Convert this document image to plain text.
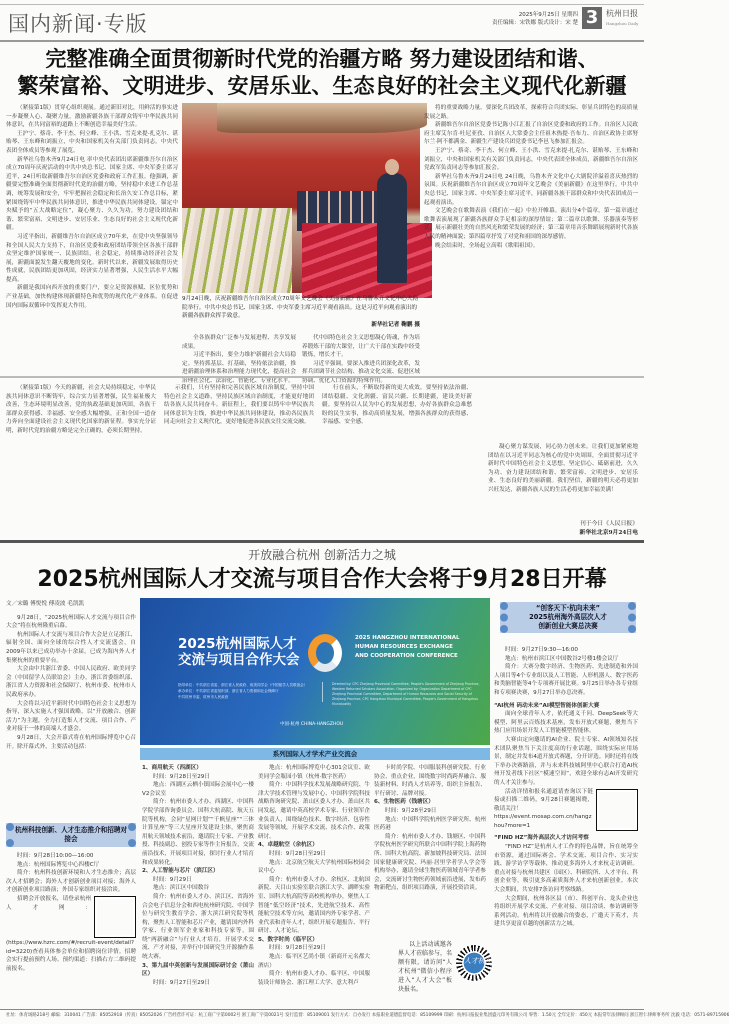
国内新闻·专版	2025年9月25日 星期四
责任编辑：宋铁娜 版式设计：宋 楚 3 杭州日报
Hangzhou Daily
完整准确全面贯彻新时代党的治疆方略 努力建设团结和谐、
繁荣富裕、文明进步、安居乐业、生态良好的社会主义现代化新疆

（紧接第1版）贯穿心组织观展。通过新旧对比，用鲜活的事实进一步凝聚人心、凝聚力量，激励新疆各族干部群众铸牢中华民族共同体意识，在共同富裕的道路上不断创造幸福美好生活。

王沪宁、蔡奇、李干杰、何立峰、王小洪、雪克来提·扎克尔、谌贻琴、王东峰和刘振立，中央和国家机关有关部门负责同志，中央代表团全体成员等参观了展览。

新华社乌鲁木齐9月24日电 率中央代表团出席新疆维吾尔自治区成立70周年庆祝活动的中共中央总书记、国家主席、中央军委主席习近平，24日听取新疆维吾尔自治区党委和政府工作汇报。他强调，新疆要完整准确全面贯彻新时代党的治疆方略，坚持稳中求进工作总基调，统筹发展和安全，牢牢把握社会稳定和长治久安工作总目标，紧紧围绕铸牢中华民族共同体意识，推进中华民族共同体建设，锚定中央赋予的“五大战略定位”，凝心聚力、久久为功，努力建设团结和谐、繁荣富裕、文明进步、安居乐业、生态良好的社会主义现代化新疆。

习近平指出，新疆维吾尔自治区成立70年来，在党中央坚强领导和全国人民大力支持下，自治区党委和政府团结带领全区各族干部群众坚定维护国家统一、民族团结，社会稳定，持续推动经济社会发展，新疆面貌发生翻天覆地的变化。新时代以来，新疆发展取得历史性成就，民族团结更加巩固，经济实力显著增强，人民生活水平大幅提高。

新疆是我国向西开放的重要门户，要立足资源禀赋、区位优势和产业基础，加快构建体现新疆特色和优势的现代化产业体系，在促进国内国际双循环中发挥更大作用。

9月24日晚，庆祝新疆维吾尔自治区成立70周年文艺晚会《美丽新疆》在乌鲁木齐文化中心大剧院举行。中共中央总书记、国家主席、中央军委主席习近平观看演出。这是习近平向观看演出的新疆各族群众挥手致意。
新华社记者 鞠鹏 摄

全各族群众广泛参与发展进程、共享发展成果。

习近平指出，要全力维护新疆社会大局稳定。坚持抓基层、打基础，坚持依法治疆，推进新疆治理体系和治理能力现代化，提高社会治理社会化、法治化、智能化、专业化水平。

代中国特色社会主义思想凝心铸魂，作为培养锻炼干部的大课堂，让广大干部在实践中经受锻炼，增长才干。

习近平强调，要深入推进兵团深化改革，发挥兵团调节社会结构、推动文化交流、促进区域协调、优化人口资源的特殊作用。

将的重要战略力量。要深化兵团改革，探索符合兵团实际、彰显兵团特色的高质量发展之路。

新疆维吾尔自治区党委书记陈小江汇报了自治区党委和政府的工作。自治区人民政府主席艾尔肯·吐尼亚孜、自治区人大常委会主任祖木热提·吾布力、自治区政协主席努尔兰·阿不都满金、新疆生产建设兵团党委书记李邑飞参加汇报会。

王沪宁、蔡奇、李干杰、何立峰、王小洪、雪克来提·扎克尔、谌贻琴、王东峰和刘振立，中央和国家机关有关部门负责同志，中央代表团全体成员，新疆维吾尔自治区党政军负责同志等参加汇报会。

新华社乌鲁木齐9月24日电 24日晚，乌鲁木齐文化中心大剧院洋溢着喜庆热烈的氛围。庆祝新疆维吾尔自治区成立70周年文艺晚会《美丽新疆》在这里举行。中共中央总书记、国家主席、中央军委主席习近平，同新疆各族干部群众和中央代表团成员一起观看演出。

文艺晚会在歌舞表演《我们在一起》中拉开帷幕。演出分4个篇章。第一篇章通过歌舞表演展现了新疆各族群众手足相亲的深厚情谊；第二篇章以歌舞、乐器演奏等形式，展示新疆壮美的自然风光和繁荣发展的经济；第三篇章用音乐舞蹈展现新时代各族人民的精神面貌；第四篇章抒发了对党和祖国的深厚感情。

晚会结束时，全场起立高唱《歌唱祖国》。

（紧接第1版）今天的新疆，社会大局持续稳定，中华民族共同体意识不断铸牢，综合实力显著增强，民生福祉极大改善，生态环境明显改善，党的执政基础更加巩固，各族干部群众获得感、幸福感、安全感大幅增强，正和全国一道奋力奔向全面建设社会主义现代化国家的新征程。事实充分证明，新时代党的治疆方略是完全正确的，必须长期坚持。

示我们，只有坚持和完善民族区域自治制度，坚持中国特色社会主义道路，坚持民族区域自治制度，才能更好地团结各族人民共同奋斗。新征程上，我们要以铸牢中华民族共同体意识为主线，推进中华民族共同体建设，推动各民族共同走向社会主义现代化，更好地促进各民族交往交流交融。

行在前头，不断取得新的更大成效。要坚持依法治疆、团结稳疆、文化润疆、富民兴疆、长期建疆，建设美好新疆。要坚持以人民为中心的发展思想，办好各族群众急难愁盼的民生实事，推动高质量发展，增强各族群众的获得感、幸福感、安全感。

凝心聚力谋发展，同心协力创未来。让我们更加紧密地团结在以习近平同志为核心的党中央周围，全面贯彻习近平新时代中国特色社会主义思想，坚定信心、砥砺前进，久久为功、奋力建设团结和谐、繁荣富裕、文明进步、安居乐业、生态良好的美丽新疆。我们坚信，新疆的明天必将更加兴旺发达，新疆各族人民的生活必将更加幸福美满！

刊于今日《人民日报》
新华社北京9月24日电
开放融合杭州 创新活力之城
2025杭州国际人才交流与项目合作大会将于9月28日开幕
文／宋璐 傅悦悦 傅凌波 毛凯凯

9月28日，“2025杭州国际人才交流与项目合作大会”将在杭州隆重启幕。

杭州国际人才交流与项目合作大会是立足浙江、辐射全国、面向全球的综合性人才交流盛会，自2009年以来已成功举办十余届，已成为海内外人才集聚杭州的重要平台。

大会由中共浙江省委、中国人民政府、欧美同学会（中国留学人员联谊会）主办，浙江省委组织部、浙江省人力资源和社会保障厅、杭州市委、杭州市人民政府承办。

大会将以习近平新时代中国特色社会主义思想为指导，深入实施人才强国战略，以“开放融合、创新活力”为主题，全力打造集人才交流、项目合作、产业对接于一体的高端人才盛会。

9月28日，大会开幕式将在杭州国际博览中心召开。除开幕式外，主要活动包括：

杭州科技创新、人才生态推介和招聘对接会

时间：9月28日10:00—16:00

地点：杭州国际博览中心四楼C厅

简介：杭州科技创新环境和人才生态推介；高层次人才招聘会；海外人才创新创业项目对接；海外人才创新创业项目路演；外国专家组织对接洽谈。

招聘会开放报名，请登录杭州人才网：(https://www.hzrc.com/#/recruit-event/detail?id=3220)查看具体参会单位和招聘岗位详情。招聘会实行提前预约人场。预约渠道：扫描右方二维码提前报名。

2025杭州国际人才
交流与项目合作大会
2025 HANGZHOU INTERNATIONAL
HUMAN RESOURCES EXCHANGE
AND COOPERATION CONFERENCE
指导单位：中共浙江省委、浙江省人民政府、欧美同学会（中国留学人员联谊会）
承办单位：中共浙江省委组织部、浙江省人力资源和社会保障厅
中共杭州市委、杭州市人民政府
Directed by: CPC Zhejiang Provincial Committee, People's Government of Zhejiang Province, Western Returned Scholars Association. Organized by: Organization Department of CPC Zhejiang Provincial Committee, Department of Human Resources and Social Security of Zhejiang Province, CPC Hangzhou Municipal Committee, People's Government of Hangzhou Municipality
中国·杭州 CHINA·HANGZHOU
系列国际人才学术产业交流会

1、商用航天（西湖区）

时间：9月28日至29日

地点：西湖区云栖小镇国际会展中心一楼V2会议室

简介：杭州市委人才办、西湖区、中国科学院学部咨询委员会、国科大杭高院、航天五院等机构，会同“星网计划”“千帆星座”“三体计算星座”等三大星座开发建设主体，聚焦商用航天领域技术前沿，邀请院士专家、产业教授、科技副总、创投专家等作主旨报告，交流前沿技术，开展项目对接，探讨行业人才培育和成果转化。

2、人工智能与芯片（滨江区）

时间：9月29日

地点：滨江区中国数谷

简介：杭州市委人才办、滨江区、省海外合会电子信息分会和西电杭州研究院、中国学位与研究生教育学会、浙大滨江研究院等机构，聚焦人工智能和芯片产业，邀请国内外科学家、行业领军企业家和科技专家等，围绕“两新融合”与行业人才培育，开展学术交流、产才对接，并举行中国研究生开源操作系统大赛。

3、第九届中英创新与发展国际研讨会（萧山区）

时间：9月27日至29日

地点：杭州国际博览中心301会议室、欧美同学会瓶园小镇（杭州·数字医药）

简介：中国科学技术发展战略研究院、牛津大学技术管理与发展中心、中国科学院科技战略咨询研究院、萧山区委人才办、萧山区共同发起，邀请中英高校学术专家、行业领军企业负责人，围绕绿色技术、数字经济、包容性发展等领域，开展学术交流、技术合作、政策研讨。

4、卓越航空（余杭区）

时间：9月28日至29日

地点：北京航空航天大学杭州国际校园会议中心

简介：杭州市委人才办、余杭区、北航国新院、天目山实验室联合浙江大学、湖畔实验室、国科大杭高院等高校机构举办，聚焦人工智能“低空经济”技术，先进航空技术、高性能航空技术等方向，邀请国内外专家学者、产业代表和青年人才，组织开展专题报告、平行研讨、人才论坛。

5、数字时尚（临平区）

时间：9月28日至29日

地点：临平区艺尚小镇（新商开元名都大酒店）

简介：杭州市委人才办、临平区、中国服装设计师协会、浙江理工大学、意大利卢

卡时尚学院、中国服装科创研究院、行业协会、重点企业，围绕数字时尚跨界融合、服装新材料、时尚人才培养等，组织主旨报告、平行研讨、品牌对接。

6、生物医药（钱塘区）

时间：9月28至29日

地点：中国科学院杭州医学研究所、杭州医药港

简介：杭州市委人才办、钱塘区、中国科学院杭州医学研究所联合中国科学院上海药物所、国科大杭高院、新加坡科技研究局、法国国家健康研究院、玛丽·居里学者学人学会等机构举办，邀请全球生物医药领域青年学者参会，交流研讨生物医药领域前沿进展，发布药物新靶点，组织项目路演，开展投资洽谈。

以上活动诚邀各界人才莅临参与，名额有限，请访问“人才杭州”微信小程序进入“人才大会”板块报名。

人才杭州
“创客天下·杭向未来”
2025杭州海外高层次人才
创新创业大赛总决赛

时间：9月27日9:30—16:00

地点：杭州市滨江区中国数谷2号楼1楼会议厅

简介：大赛分数字经济、生物医药、先进制造和外国人项目等4个专业组以及人工智能、人形机器人、数字医药和类脑智能等4个专项赛开展比赛。9月25日举办各专业组和专项赛决赛，9月27日举办总决赛。

“AI杭州 码动未来”AI模型智能体创新大赛

面向全球青年人才，依托通义千问、DeepSeek等大模型、阿里云百炼技术基座，发布开放式赛题，聚焦当下热门应用场景开发人工智能模型智能体。

大赛由定向邀请的AI企业、院士专家、AI领域知名技术团队聚焦当下关注度高的行业话题，围绕实际应用场景，制定并发布4道开放式赛题，分开评选。同时还将在线下举办决赛路演，并与未来科技城阿里中心联合打造AI杭州开发者线下社区“模速空间”，欢迎全球有志AI开发研究的人才关注参与。

活动详情和报名通道请查询以下链接或扫描二维码，9月28日赛题揭晓，敬请关注！

https://event.mosap.com.cn/hangzhou?more=1

“FIND HZ”海外高层次人才访问考察

“FIND HZ”是杭州人才工作的特色品牌，旨在统筹全市资源，通过国际赛会、学术交流、项目合作、实习实践、游学访学等载体，推动更多海外人才来杭走访调研。重点对接与杭州共建区（园区）、科研院所、人才平台、科创企业等，吸引更多高素质海外人才来杭创新创业。本次大会期间，共安排7条访问考察线路。

大会期间，杭州各区县（市）、科创平台、龙头企业也将组织开展学术交流、产业对接、项目洽谈、参访调研等系列活动。杭州将以开放融合的姿态，广邀天下英才，共建共享更富卓越的创新活力之城。

社址：体育场路218号 邮编：310041 广告部：85052918（传真）85052026 广告经营许可证：杭工商广字第0002号 浙工商广字第0021号 发行监督：85109001 发行方式：自办发行 本报职业道德监督电话：85109999 印刷：杭州日报报业集团盛元印务有限公司 零售：1.50元 全年定价：450元 本报常年法律顾问 浙江智仁律师事务所 沈毅 电话：0571-89715906
